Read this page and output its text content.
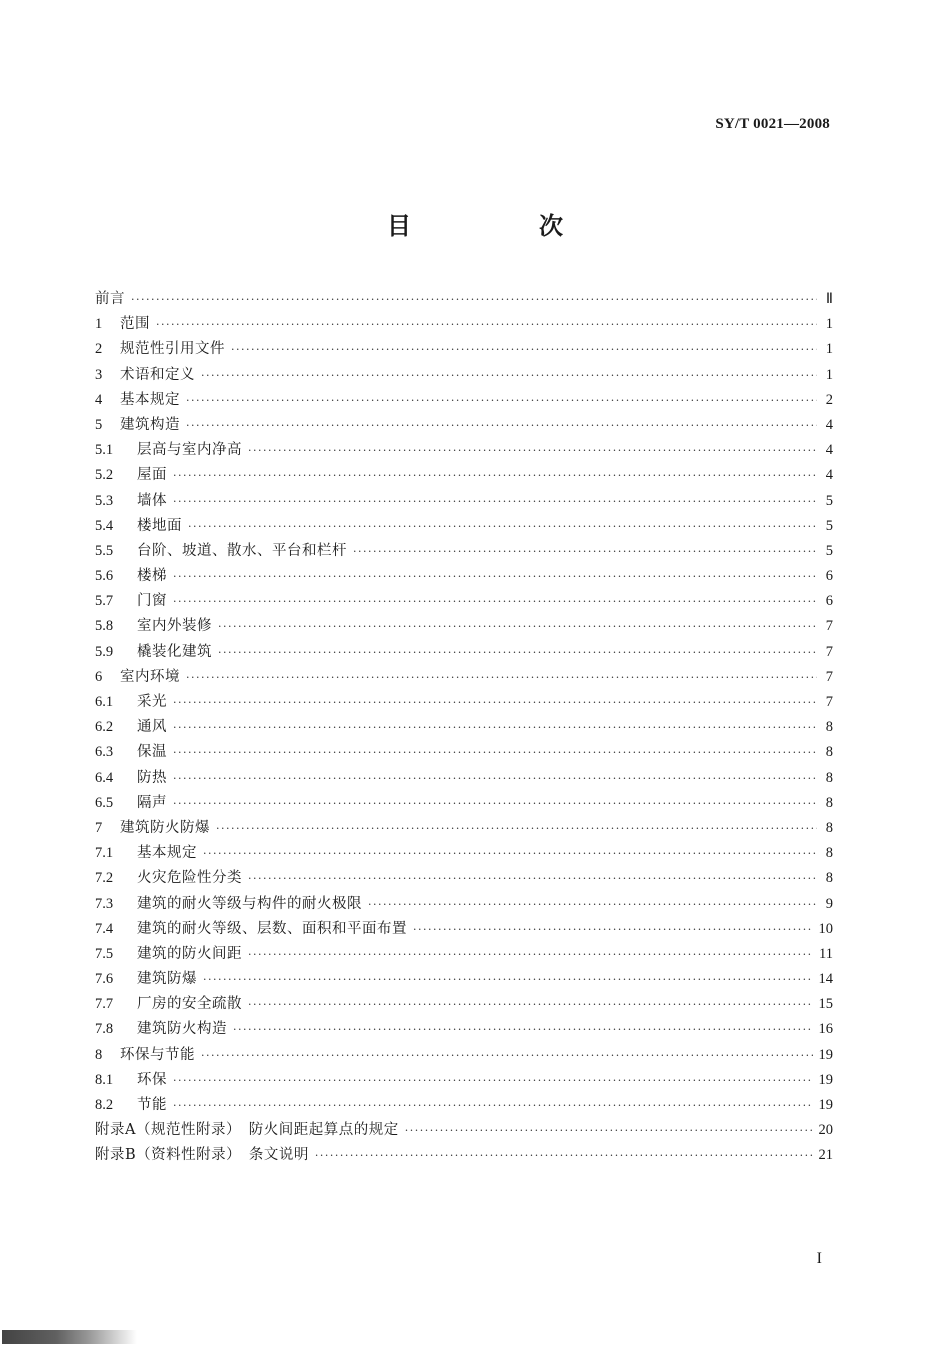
SY/T 0021—2008
目　次
前言 ·····	Ⅱ
1	范围 ·····	1
2	规范性引用文件 ·····	1
3	术语和定义 ·····	1
4	基本规定 ·····	2
5	建筑构造 ·····	4
5.1	层高与室内净高 ·····	4
5.2	屋面 ·····	4
5.3	墙体 ·····	5
5.4	楼地面 ·····	5
5.5	台阶、坡道、散水、平台和栏杆 ·····	5
5.6	楼梯 ·····	6
5.7	门窗 ·····	6
5.8	室内外装修 ·····	7
5.9	橇装化建筑 ·····	7
6	室内环境 ·····	7
6.1	采光 ·····	7
6.2	通风 ·····	8
6.3	保温 ·····	8
6.4	防热 ·····	8
6.5	隔声 ·····	8
7	建筑防火防爆 ·····	8
7.1	基本规定 ·····	8
7.2	火灾危险性分类 ·····	8
7.3	建筑的耐火等级与构件的耐火极限 ·····	9
7.4	建筑的耐火等级、层数、面积和平面布置 ·····	10
7.5	建筑的防火间距 ·····	11
7.6	建筑防爆 ·····	14
7.7	厂房的安全疏散 ·····	15
7.8	建筑防火构造 ·····	16
8	环保与节能 ·····	19
8.1	环保 ·····	19
8.2	节能 ·····	19
附录A（规范性附录）　防火间距起算点的规定 ·····	20
附录B（资料性附录）　条文说明 ·····	21
I
